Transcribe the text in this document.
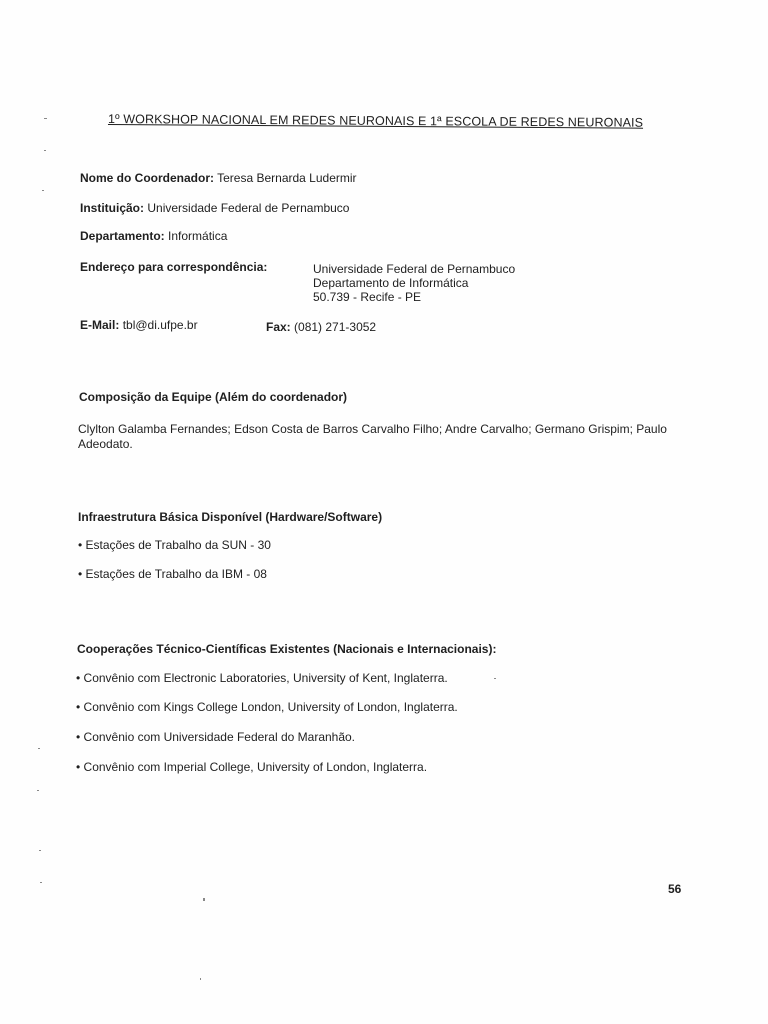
1º WORKSHOP NACIONAL EM REDES NEURONAIS E 1ª ESCOLA DE REDES NEURONAIS
Nome do Coordenador: Teresa Bernarda Ludermir
Instituição: Universidade Federal de Pernambuco
Departamento: Informática
Endereço para correspondência:	Universidade Federal de Pernambuco
Departamento de Informática
50.739 - Recife - PE
E-Mail: tbl@di.ufpe.br	Fax: (081) 271-3052
Composição da Equipe (Além do coordenador)
Clylton Galamba Fernandes; Edson Costa de Barros Carvalho Filho; Andre Carvalho; Germano Grispim; Paulo Adeodato.
Infraestrutura Básica Disponível (Hardware/Software)
• Estações de Trabalho da SUN - 30
• Estações de Trabalho da IBM - 08
Cooperações Técnico-Científicas Existentes (Nacionais e Internacionais):
• Convênio com Electronic Laboratories, University of Kent, Inglaterra.
• Convênio com Kings College London, University of London, Inglaterra.
• Convênio com Universidade Federal do Maranhão.
• Convênio com Imperial College, University of London, Inglaterra.
56
